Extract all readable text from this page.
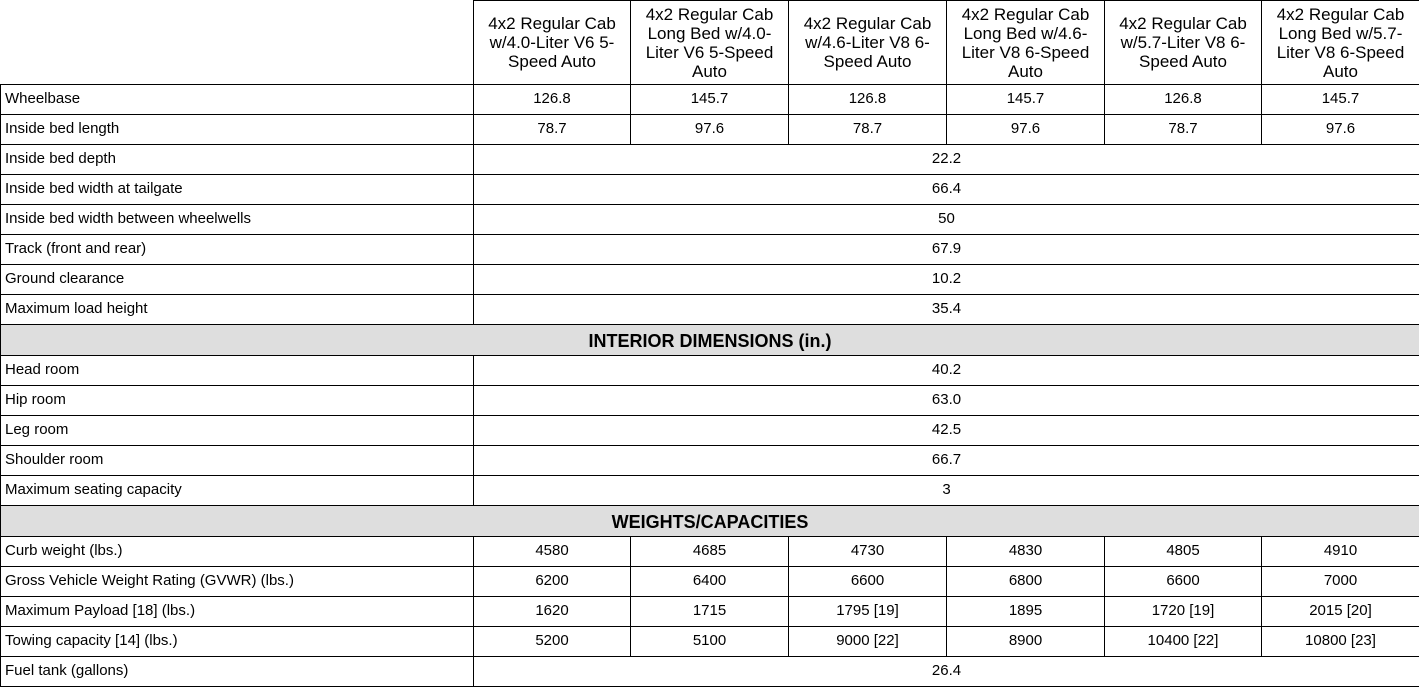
	4x2 Regular Cab w/4.0-Liter V6 5-Speed Auto	4x2 Regular Cab Long Bed w/4.0-Liter V6 5-Speed Auto	4x2 Regular Cab w/4.6-Liter V8 6-Speed Auto	4x2 Regular Cab Long Bed w/4.6-Liter V8 6-Speed Auto	4x2 Regular Cab w/5.7-Liter V8 6-Speed Auto	4x2 Regular Cab Long Bed w/5.7-Liter V8 6-Speed Auto
Wheelbase	126.8	145.7	126.8	145.7	126.8	145.7
Inside bed length	78.7	97.6	78.7	97.6	78.7	97.6
Inside bed depth	22.2					
Inside bed width at tailgate	66.4					
Inside bed width between wheelwells	50					
Track (front and rear)	67.9					
Ground clearance	10.2					
Maximum load height	35.4					
INTERIOR DIMENSIONS (in.)						
Head room	40.2					
Hip room	63.0					
Leg room	42.5					
Shoulder room	66.7					
Maximum seating capacity	3					
WEIGHTS/CAPACITIES						
Curb weight (lbs.)	4580	4685	4730	4830	4805	4910
Gross Vehicle Weight Rating (GVWR) (lbs.)	6200	6400	6600	6800	6600	7000
Maximum Payload [18] (lbs.)	1620	1715	1795 [19]	1895	1720 [19]	2015 [20]
Towing capacity [14] (lbs.)	5200	5100	9000 [22]	8900	10400 [22]	10800 [23]
Fuel tank (gallons)	26.4					
